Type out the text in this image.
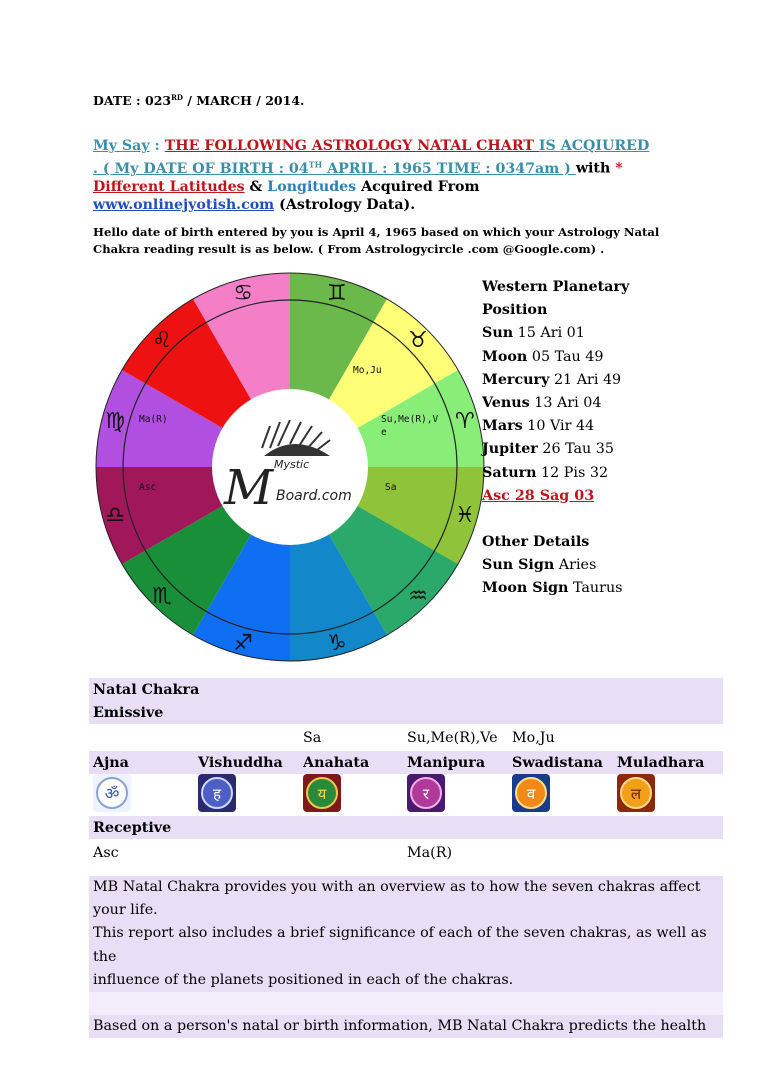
DATE : 023RD / MARCH / 2014.
My Say : THE FOLLOWING ASTROLOGY NATAL CHART IS ACQIURED
. ( My DATE OF BIRTH : 04TH APRIL : 1965 TIME : 0347am ) with *
Different Latitudes & Longitudes Acquired From
www.onlinejyotish.com (Astrology Data).
Hello date of birth entered by you is April 4, 1965 based on which your Astrology Natal Chakra reading result is as below. ( From Astrologycircle .com @Google.com) .
♋	♊
♉
♈
♓
♒
♑
♐
♏
♎
♍
♌
M Mystic
Board.com
Mo,Ju
Su,Me(R),V
e
Sa
Ma(R)
Asc
Western Planetary
Position
Sun 15 Ari 01
Moon 05 Tau 49
Mercury 21 Ari 49
Venus 13 Ari 04
Mars 10 Vir 44
Jupiter 26 Tau 35
Saturn 12 Pis 32
Asc 28 Sag 03
Other Details
Sun Sign Aries
Moon Sign Taurus
Natal Chakra					
Emissive					
		Sa	Su,Me(R),Ve	Mo,Ju	
Ajna	Vishuddha	Anahata	Manipura	Swadistana	Muladhara

ॐ	ह	य	र	व	ल

Receptive					
Asc			Ma(R)		
MB Natal Chakra provides you with an overview as to how the seven chakras affect your life.
This report also includes a brief significance of each of the seven chakras, as well as the
influence of the planets positioned in each of the chakras.
Based on a person's natal or birth information, MB Natal Chakra predicts the health
